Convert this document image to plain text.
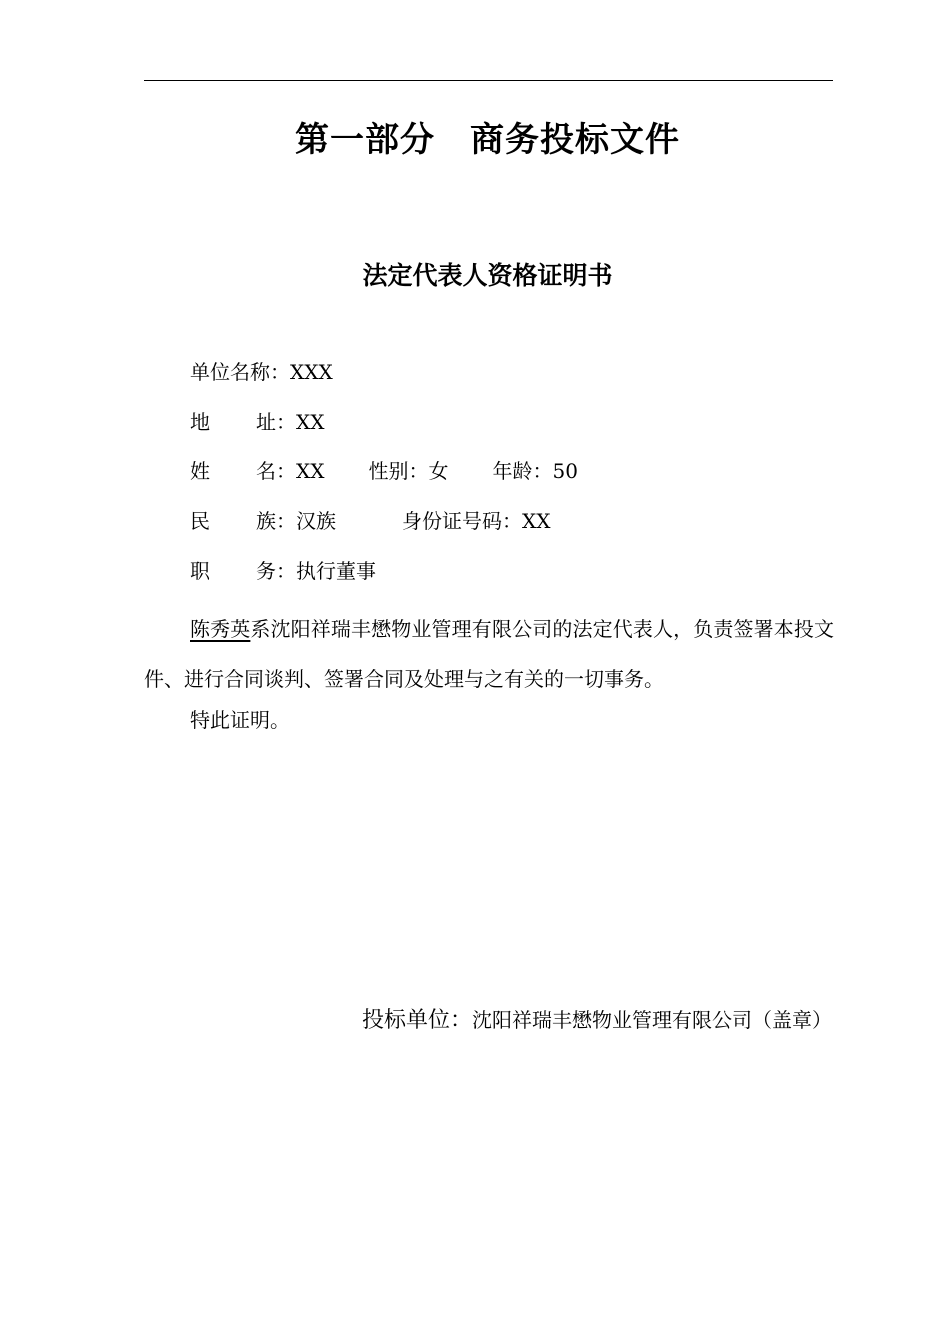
第一部分　商务投标文件
法定代表人资格证明书
单位名称：XXX
地 址：XX
姓 名：XX 性别：女 年龄：50
民 族：汉族	身份证号码：XX
职 务：执行董事
陈秀英系沈阳祥瑞丰懋物业管理有限公司的法定代表人，负责签署本投文件、进行合同谈判、签署合同及处理与之有关的一切事务。
特此证明。
投标单位：沈阳祥瑞丰懋物业管理有限公司（盖章）
